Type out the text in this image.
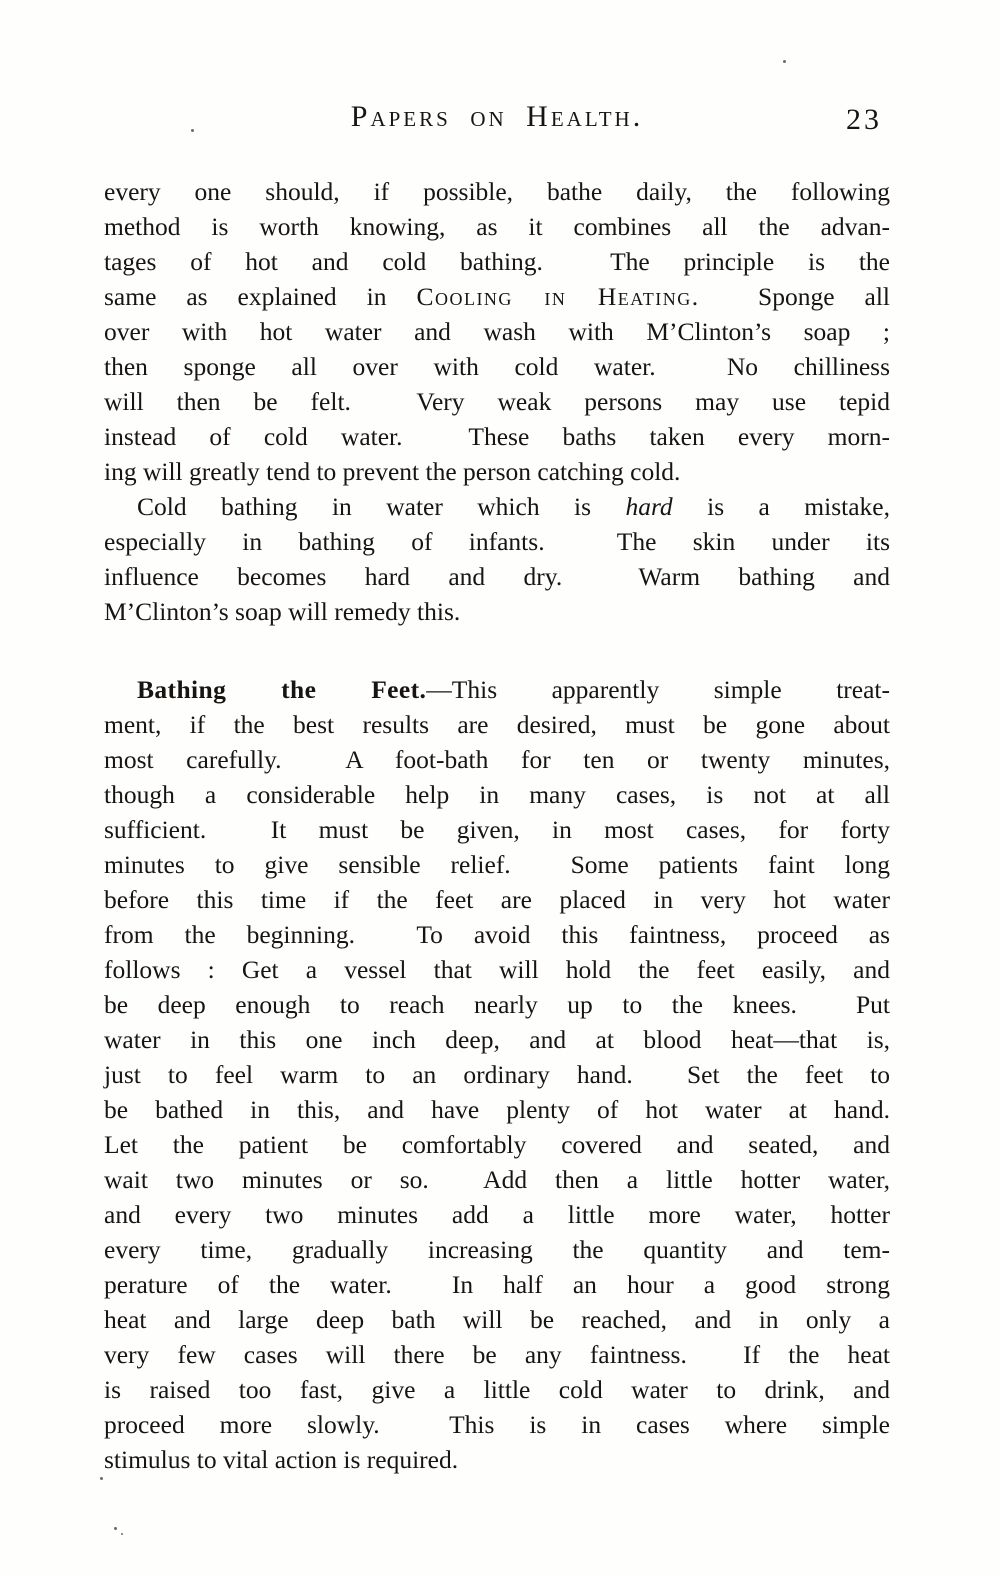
Papers on Health.	23
every one should, if possible, bathe daily, the following
method is worth knowing, as it combines all the advan-
tages of hot and cold bathing.  The principle is the
same as explained in Cooling in Heating.  Sponge all
over with hot water and wash with M’Clinton’s soap ;
then sponge all over with cold water.  No chilliness
will then be felt.  Very weak persons may use tepid
instead of cold water.  These baths taken every morn-
ing will greatly tend to prevent the person catching cold.
Cold bathing in water which is hard is a mistake,
especially in bathing of infants.  The skin under its
influence becomes hard and dry.  Warm bathing and
M’Clinton’s soap will remedy this.
Bathing the Feet.—This apparently simple treat-
ment, if the best results are desired, must be gone about
most carefully.  A foot-bath for ten or twenty minutes,
though a considerable help in many cases, is not at all
sufficient.  It must be given, in most cases, for forty
minutes to give sensible relief.  Some patients faint long
before this time if the feet are placed in very hot water
from the beginning.  To avoid this faintness, proceed as
follows : Get a vessel that will hold the feet easily, and
be deep enough to reach nearly up to the knees.  Put
water in this one inch deep, and at blood heat—that is,
just to feel warm to an ordinary hand.  Set the feet to
be bathed in this, and have plenty of hot water at hand.
Let the patient be comfortably covered and seated, and
wait two minutes or so.  Add then a little hotter water,
and every two minutes add a little more water, hotter
every time, gradually increasing the quantity and tem-
perature of the water.  In half an hour a good strong
heat and large deep bath will be reached, and in only a
very few cases will there be any faintness.  If the heat
is raised too fast, give a little cold water to drink, and
proceed more slowly.  This is in cases where simple
stimulus to vital action is required.
